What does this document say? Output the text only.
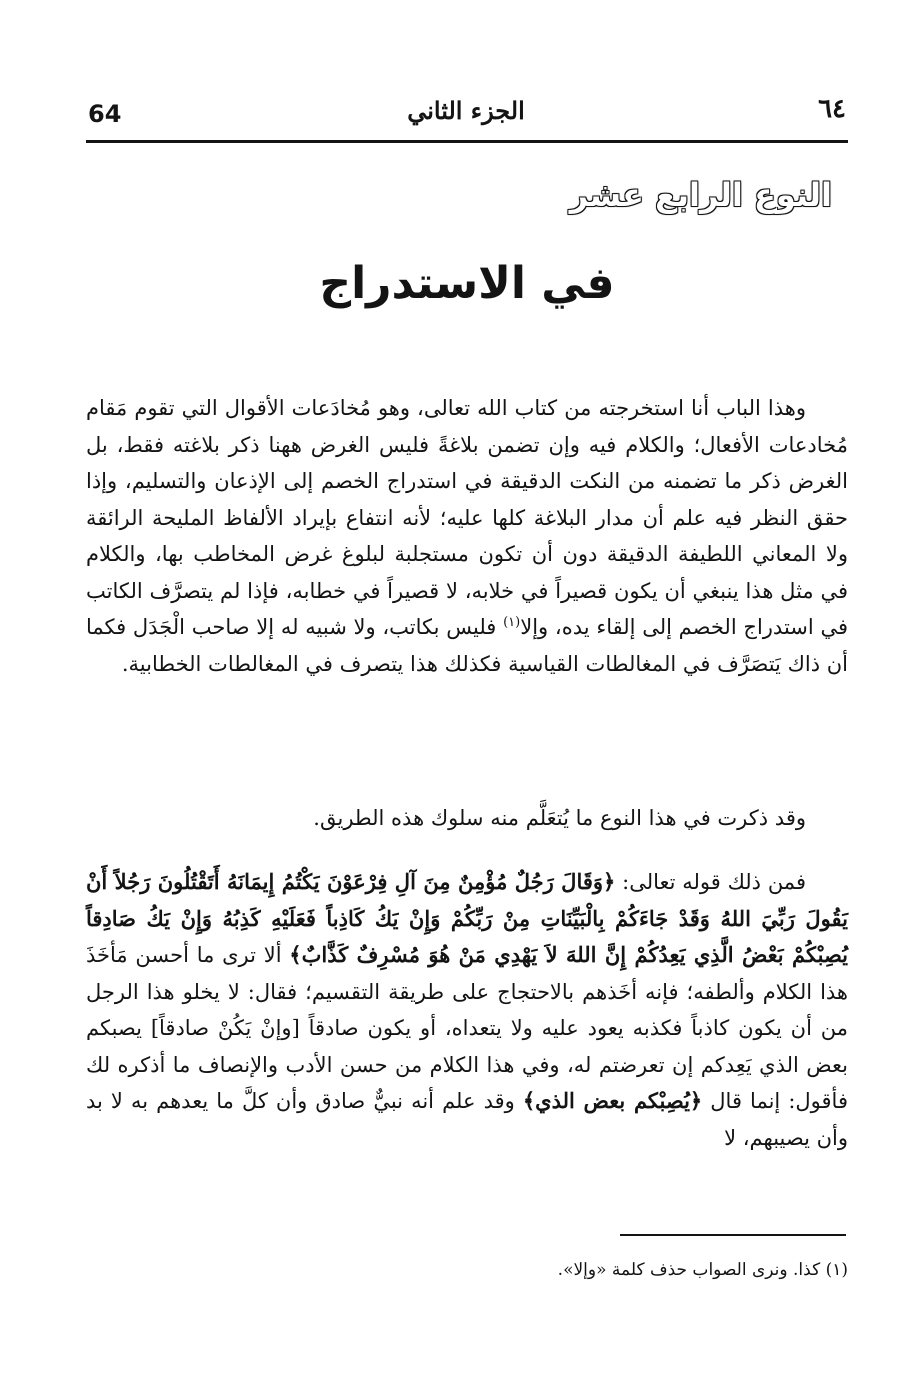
64	الجزء الثاني	٦٤
النوع الرابع عشر
في الاستدراج

وهذا الباب أنا استخرجته من كتاب الله تعالى، وهو مُخادَعات الأقوال التي تقوم مَقام مُخادعات الأفعال؛ والكلام فيه وإن تضمن بلاغةً فليس الغرض ههنا ذكر بلاغته فقط، بل الغرض ذكر ما تضمنه من النكت الدقيقة في استدراج الخصم إلى الإذعان والتسليم، وإذا حقق النظر فيه علم أن مدار البلاغة كلها عليه؛ لأنه انتفاع بإيراد الألفاظ المليحة الرائقة ولا المعاني اللطيفة الدقيقة دون أن تكون مستجلبة لبلوغ غرض المخاطب بها، والكلام في مثل هذا ينبغي أن يكون قصيراً في خلابه، لا قصيراً في خطابه، فإذا لم يتصرَّف الكاتب في استدراج الخصم إلى إلقاء يده، وإلا$^{(١)}$ فليس بكاتب، ولا شبيه له إلا صاحب الْجَدَل فكما أن ذاك يَتصَرَّف في المغالطات القياسية فكذلك هذا يتصرف في المغالطات الخطابية.

وقد ذكرت في هذا النوع ما يُتعَلَّم منه سلوك هذه الطريق.

فمن ذلك قوله تعالى: ﴿وَقَالَ رَجُلٌ مُؤْمِنٌ مِنَ آلِ فِرْعَوْنَ يَكْتُمُ إِيمَانَهُ أَتَقْتُلُونَ رَجُلاً أَنْ يَقُولَ رَبِّيَ اللهُ وَقَدْ جَاءَكُمْ بِالْبَيِّنَاتِ مِنْ رَبِّكُمْ وَإِنْ يَكُ كَاذِباً فَعَلَيْهِ كَذِبُهُ وَإِنْ يَكُ صَادِقاً يُصِبْكُمْ بَعْضُ الَّذِي يَعِدُكُمْ إِنَّ اللهَ لاَ يَهْدِي مَنْ هُوَ مُسْرِفٌ كَذَّابٌ﴾ ألا ترى ما أحسن مَأخَذَ هذا الكلام وألطفه؛ فإنه أخَذهم بالاحتجاج على طريقة التقسيم؛ فقال: لا يخلو هذا الرجل من أن يكون كاذباً فكذبه يعود عليه ولا يتعداه، أو يكون صادقاً [وإنْ يَكُنْ صادقاً] يصبكم بعض الذي يَعِدكم إن تعرضتم له، وفي هذا الكلام من حسن الأدب والإنصاف ما أذكره لك فأقول: إنما قال ﴿يُصِبْكم بعض الذي﴾ وقد علم أنه نبيٌّ صادق وأن كلَّ ما يعدهم به لا بد وأن يصيبهم، لا

(١) كذا. ونرى الصواب حذف كلمة «وإلا».
